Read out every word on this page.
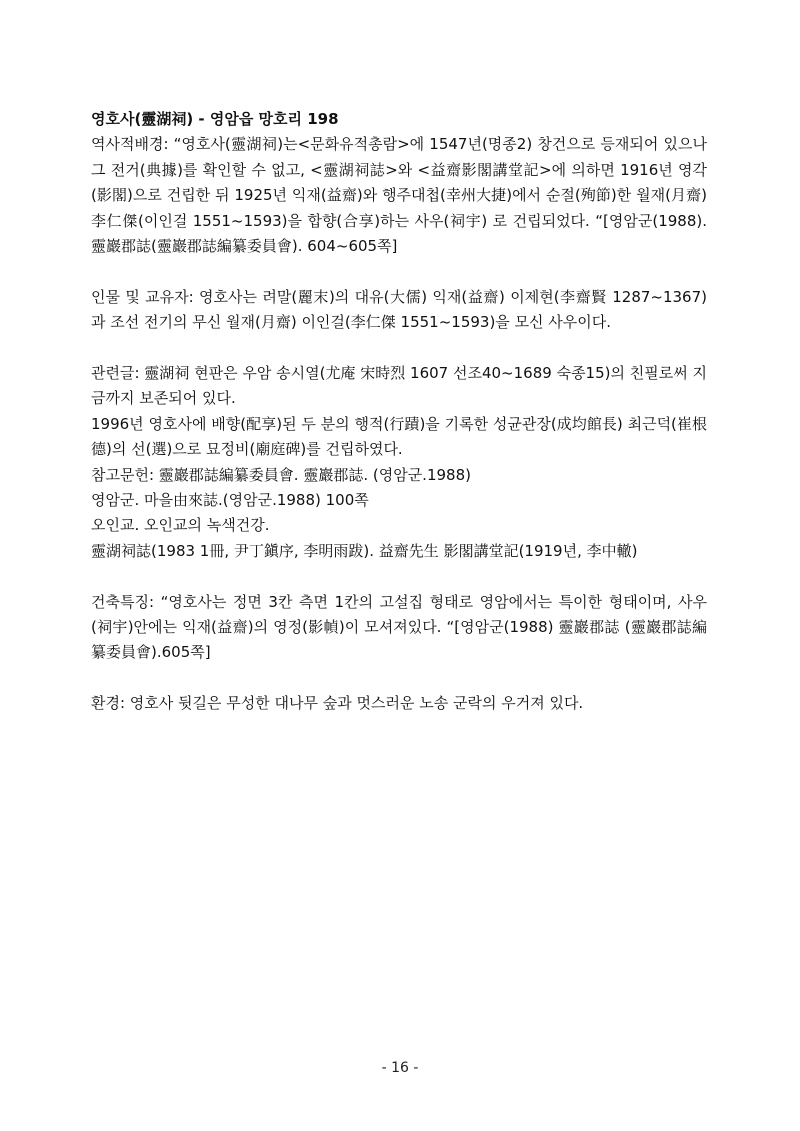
영호사(靈湖祠) - 영암읍 망호리 198

역사적배경: “영호사(靈湖祠)는<문화유적총람>에 1547년(명종2) 창건으로 등재되어 있으나 그 전거(典據)를 확인할 수 없고, <靈湖祠誌>와 <益齋影閣講堂記>에 의하면 1916년 영각(影閣)으로 건립한 뒤 1925년 익재(益齋)와 행주대첩(幸州大捷)에서 순절(殉節)한 월재(月齋) 李仁傑(이인걸 1551~1593)을 합향(合享)하는 사우(祠宇) 로 건립되었다. “[영암군(1988).靈巖郡誌(靈巖郡誌編纂委員會). 604~605쪽]

인물 및 교유자: 영호사는 려말(麗末)의 대유(大儒) 익재(益齋) 이제현(李齋賢 1287~1367)과 조선 전기의 무신 월재(月齋) 이인걸(李仁傑 1551~1593)을 모신 사우이다.

관련글: 靈湖祠 현판은 우암 송시열(尤庵 宋時烈 1607 선조40~1689 숙종15)의 친필로써 지금까지 보존되어 있다.

1996년 영호사에 배향(配享)된 두 분의 행적(行蹟)을 기록한 성균관장(成均館長) 최근덕(崔根德)의 선(選)으로 묘정비(廟庭碑)를 건립하였다.

참고문헌: 靈巖郡誌編纂委員會. 靈巖郡誌. (영암군.1988)

영암군. 마을由來誌.(영암군.1988) 100쪽

오인교. 오인교의 녹색건강.

靈湖祠誌(1983 1冊, 尹丁鎭序, 李明雨跋). 益齋先生 影閣講堂記(1919년, 李中轍)

건축특징: “영호사는 정면 3칸 측면 1칸의 고설집 형태로 영암에서는 특이한 형태이며, 사우(祠宇)안에는 익재(益齋)의 영정(影幀)이 모셔져있다. “[영암군(1988) 靈巖郡誌 (靈巖郡誌編纂委員會).605쪽]

환경: 영호사 뒷길은 무성한 대나무 숲과 멋스러운 노송 군락의 우거져 있다.

- 16 -
